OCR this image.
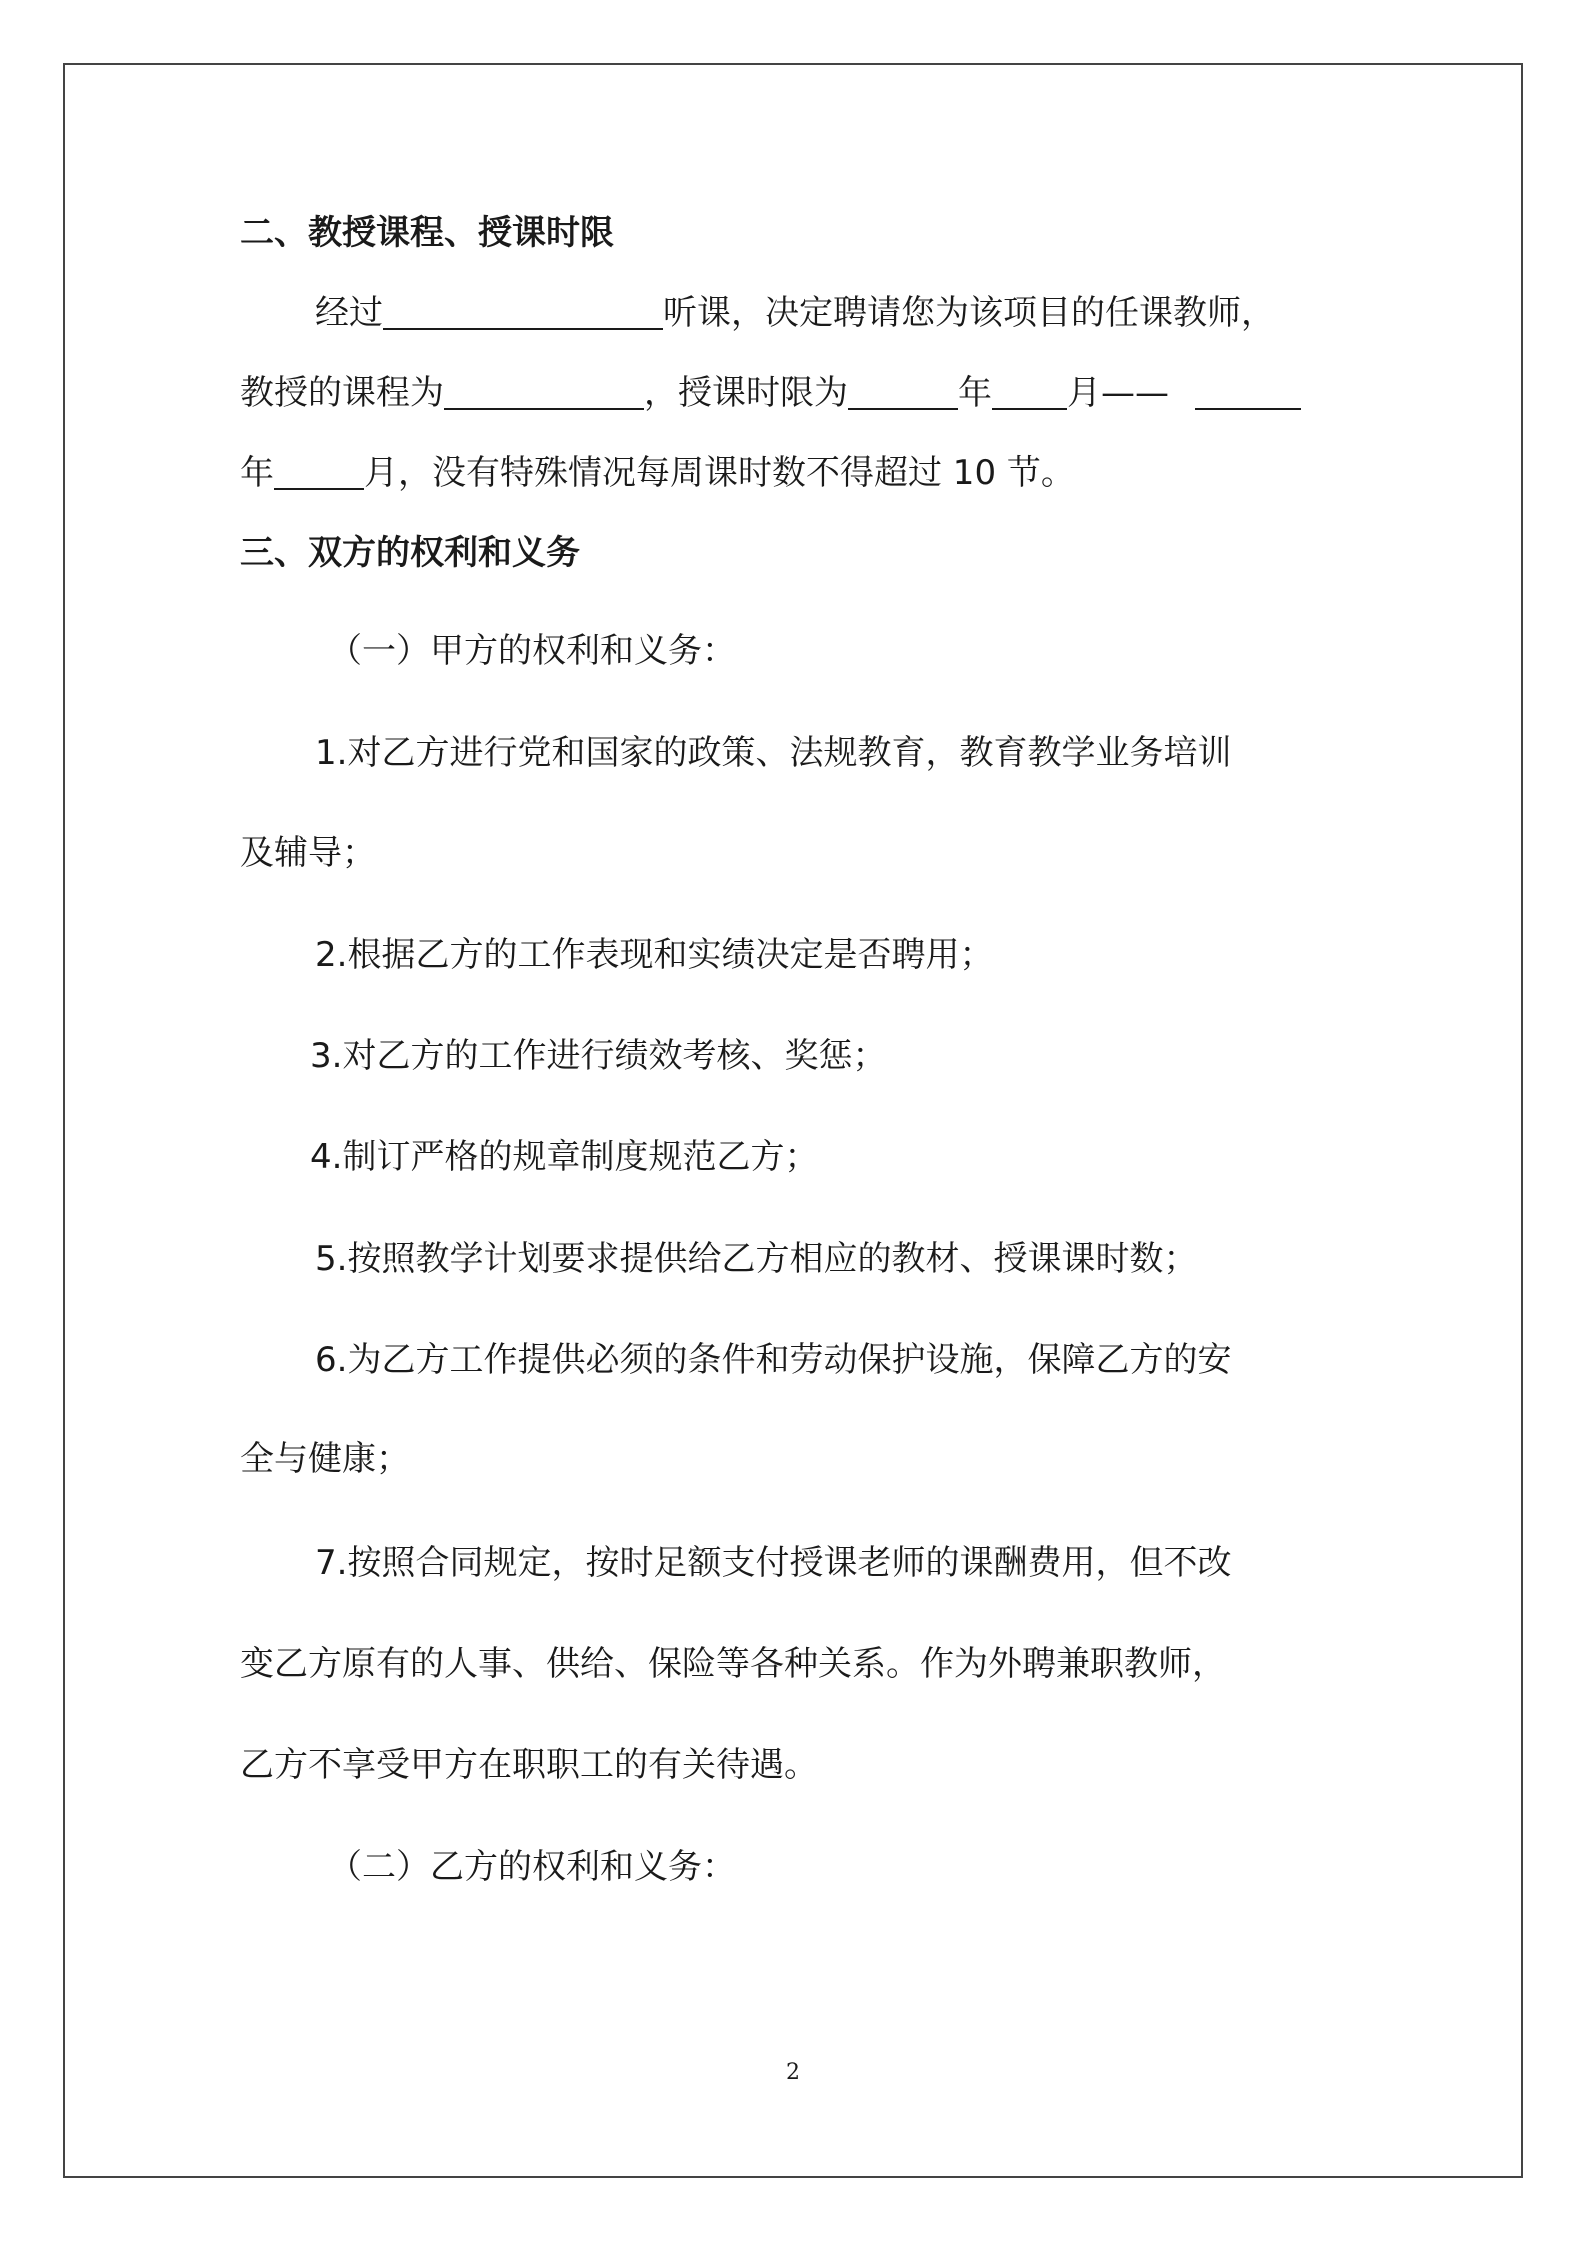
二、教授课程、授课时限
经过	听课，决定聘请您为该项目的任课教师，
教授的课程为	，授课时限为	年 月——
年	月，没有特殊情况每周课时数不得超过 10 节。
三、双方的权利和义务
（一）甲方的权利和义务：
1.对乙方进行党和国家的政策、法规教育，教育教学业务培训
及辅导；
2.根据乙方的工作表现和实绩决定是否聘用；
3.对乙方的工作进行绩效考核、奖惩；
4.制订严格的规章制度规范乙方；
5.按照教学计划要求提供给乙方相应的教材、授课课时数；
6.为乙方工作提供必须的条件和劳动保护设施，保障乙方的安
全与健康；
7.按照合同规定，按时足额支付授课老师的课酬费用，但不改
变乙方原有的人事、供给、保险等各种关系。作为外聘兼职教师，
乙方不享受甲方在职职工的有关待遇。
（二）乙方的权利和义务：
2
